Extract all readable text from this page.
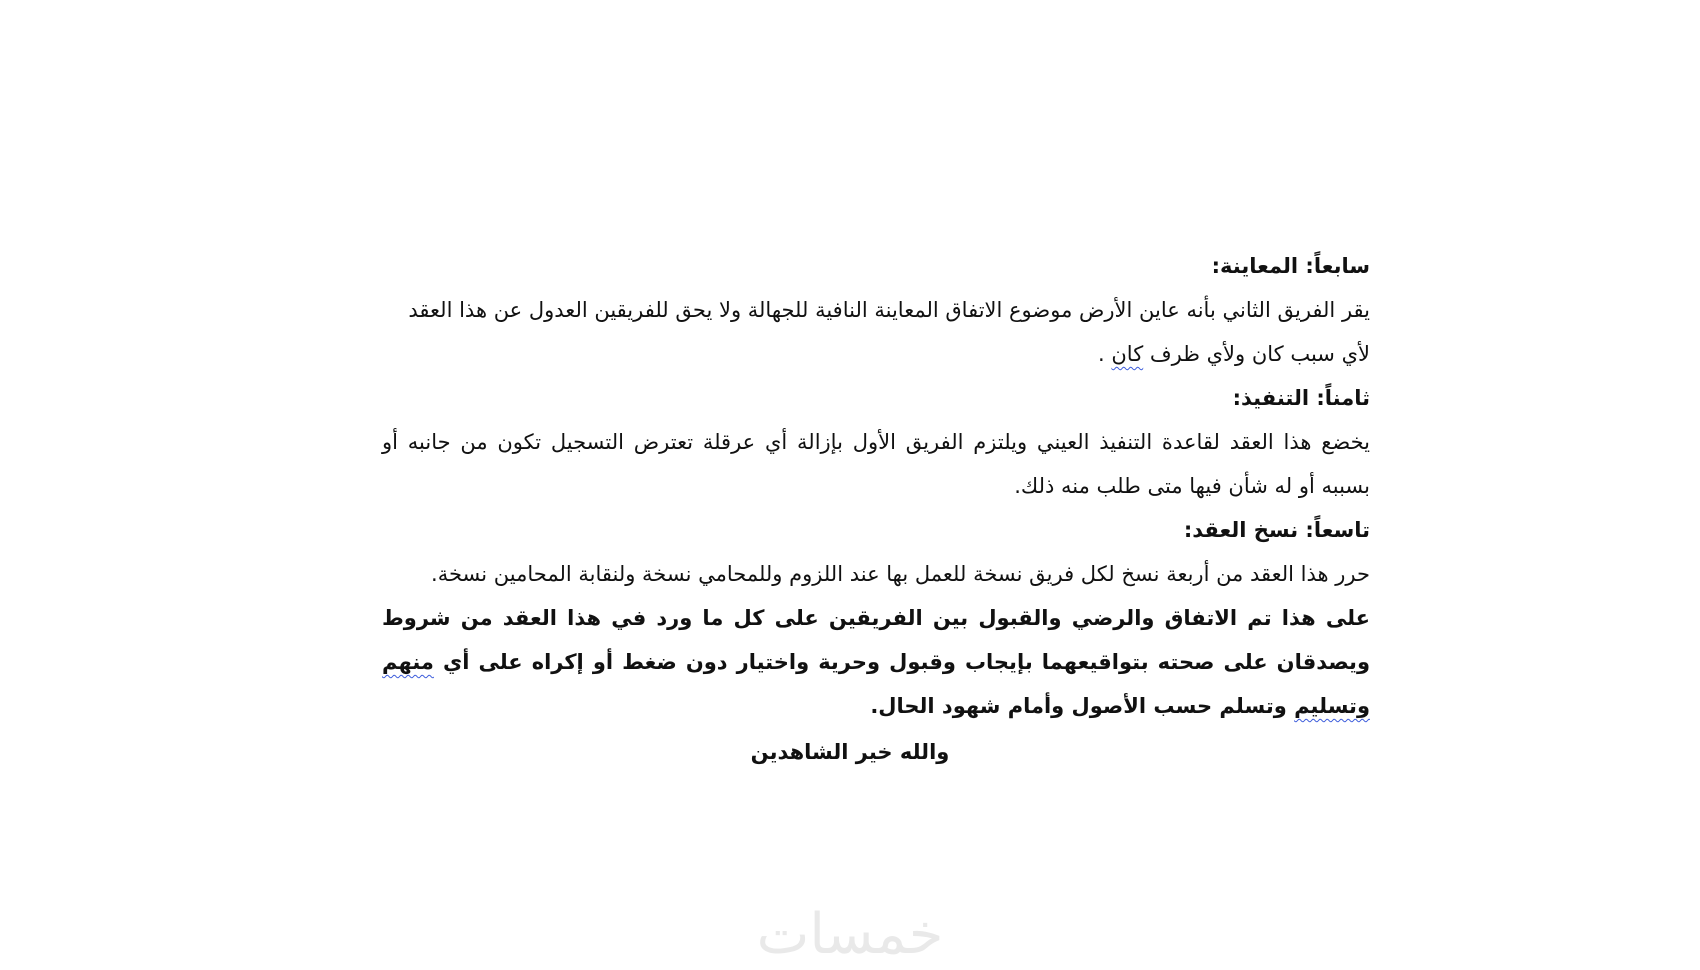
سابعاً: المعاينة:

يقر الفريق الثاني بأنه عاين الأرض موضوع الاتفاق المعاينة النافية للجهالة ولا يحق للفريقين العدول عن هذا العقد
لأي سبب كان ولأي ظرف كان .

ثامناً: التنفيذ:

يخضع هذا العقد لقاعدة التنفيذ العيني ويلتزم الفريق الأول بإزالة أي عرقلة تعترض التسجيل تكون من جانبه أو بسببه أو له شأن فيها متى طلب منه ذلك.

تاسعاً: نسخ العقد:

حرر هذا العقد من أربعة نسخ لكل فريق نسخة للعمل بها عند اللزوم وللمحامي نسخة ولنقابة المحامين نسخة.

على هذا تم الاتفاق والرضي والقبول بين الفريقين على كل ما ورد في هذا العقد من شروط ويصدقان على صحته بتواقيعهما بإيجاب وقبول وحرية واختيار دون ضغط أو إكراه على أي منهم وتسليم وتسلم حسب الأصول وأمام شهود الحال.

والله خير الشاهدين
خمسات
